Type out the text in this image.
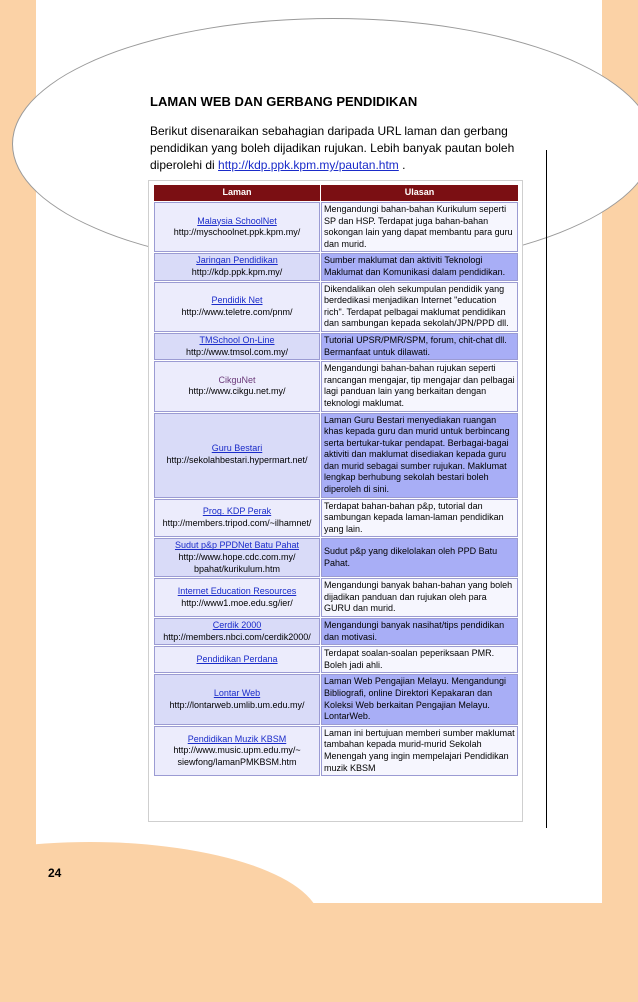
LAMAN WEB DAN GERBANG PENDIDIKAN
Berikut disenaraikan sebahagian daripada URL laman dan gerbang pendidikan yang boleh dijadikan rujukan. Lebih banyak pautan boleh diperolehi di http://kdp.ppk.kpm.my/pautan.htm .
Laman	Ulasan

Malaysia SchoolNet
http://myschoolnet.ppk.kpm.my/	Mengandungi bahan-bahan Kurikulum seperti SP dan HSP. Terdapat juga bahan-bahan sokongan lain yang dapat membantu para guru dan murid.

Jaringan Pendidikan
http://kdp.ppk.kpm.my/	Sumber maklumat dan aktiviti Teknologi Maklumat dan Komunikasi dalam pendidikan.

Pendidik Net
http://www.teletre.com/pnm/	Dikendalikan oleh sekumpulan pendidik yang berdedikasi menjadikan Internet "education rich". Terdapat pelbagai maklumat pendidikan dan sambungan kepada sekolah/JPN/PPD dll.

TMSchool On-Line
http://www.tmsol.com.my/	Tutorial UPSR/PMR/SPM, forum, chit-chat dll. Bermanfaat untuk dilawati.

CikguNet
http://www.cikgu.net.my/	Mengandungi bahan-bahan rujukan seperti rancangan mengajar, tip mengajar dan pelbagai lagi panduan lain yang berkaitan dengan teknologi maklumat.

Guru Bestari
http://sekolahbestari.hypermart.net/	Laman Guru Bestari menyediakan ruangan khas kepada guru dan murid untuk berbincang serta bertukar-tukar pendapat. Berbagai-bagai aktiviti dan maklumat disediakan kepada guru dan murid sebagai sumber rujukan. Maklumat lengkap berhubung sekolah bestari boleh diperoleh di sini.

Prog. KDP Perak
http://members.tripod.com/~ilhamnet/	Terdapat bahan-bahan p&p, tutorial dan sambungan kepada laman-laman pendidikan yang lain.

Sudut p&p PPDNet Batu Pahat
http://www.hope.cdc.com.my/ bpahat/kurikulum.htm	Sudut p&p yang dikelolakan oleh PPD Batu Pahat.

Internet Education Resources
http://www1.moe.edu.sg/ier/	Mengandungi banyak bahan-bahan yang boleh dijadikan panduan dan rujukan oleh para GURU dan murid.

Cerdik 2000
http://members.nbci.com/cerdik2000/	Mengandungi banyak nasihat/tips pendidikan dan motivasi.

Pendidikan Perdana	Terdapat soalan-soalan peperiksaan PMR. Boleh jadi ahli.

Lontar Web
http://lontarweb.umlib.um.edu.my/	Laman Web Pengajian Melayu. Mengandungi Bibliografi, online Direktori Kepakaran dan Koleksi Web berkaitan Pengajian Melayu. LontarWeb.

Pendidikan Muzik KBSM
http://www.music.upm.edu.my/~ siewfong/lamanPMKBSM.htm	Laman ini bertujuan memberi sumber maklumat tambahan kepada murid-murid Sekolah Menengah yang ingin mempelajari Pendidikan muzik KBSM
24
